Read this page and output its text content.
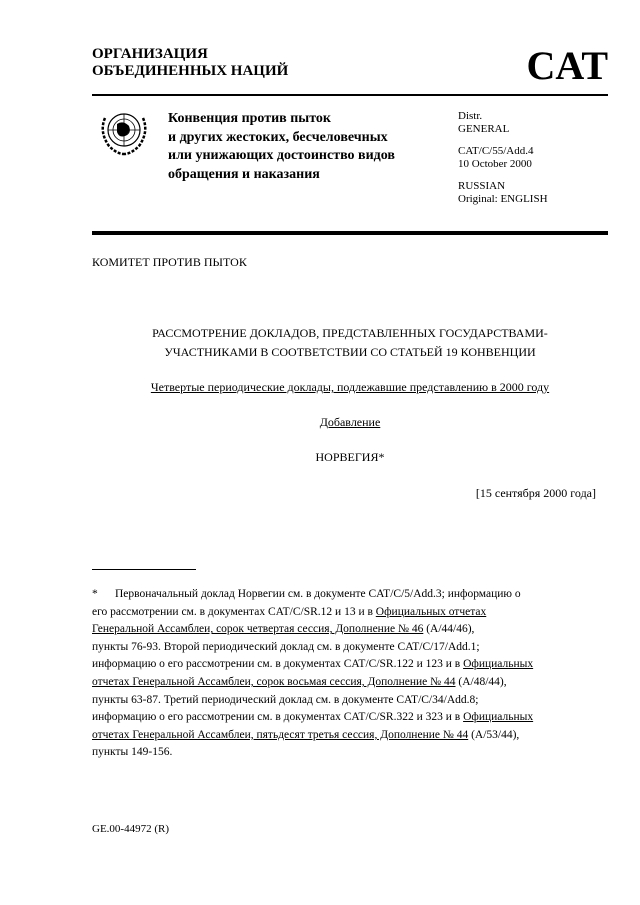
ОРГАНИЗАЦИЯ
ОБЪЕДИНЕННЫХ НАЦИЙ	CAT
Конвенция против пыток
и других жестоких, бесчеловечных
или унижающих достоинство видов
обращения и наказания
Distr.
GENERAL
CAT/C/55/Add.4
10 October 2000
RUSSIAN
Original: ENGLISH
КОМИТЕТ ПРОТИВ ПЫТОК
РАССМОТРЕНИЕ ДОКЛАДОВ, ПРЕДСТАВЛЕННЫХ ГОСУДАРСТВАМИ-
УЧАСТНИКАМИ В СООТВЕТСТВИИ СО СТАТЬЕЙ 19 КОНВЕНЦИИ
Четвертые периодические доклады, подлежавшие представлению в 2000 году
Добавление
НОРВЕГИЯ*
[15 сентября 2000 года]
*      Первоначальный доклад Норвегии см. в документе CAT/C/5/Add.3; информацию о
его рассмотрении см. в документах CAT/C/SR.12 и 13 и в Официальных отчетах
Генеральной Ассамблеи, сорок четвертая сессия, Дополнение № 46 (A/44/46),
пункты 76-93. Второй периодический доклад см. в документе CAT/C/17/Add.1;
информацию о его рассмотрении см. в документах CAT/C/SR.122 и 123 и в Официальных
отчетах Генеральной Ассамблеи, сорок восьмая сессия, Дополнение № 44 (A/48/44),
пункты 63-87. Третий периодический доклад см. в документе CAT/C/34/Add.8;
информацию о его рассмотрении см. в документах CAT/C/SR.322 и 323 и в Официальных
отчетах Генеральной Ассамблеи, пятьдесят третья сессия, Дополнение № 44 (A/53/44),
пункты 149-156.
GE.00-44972 (R)
